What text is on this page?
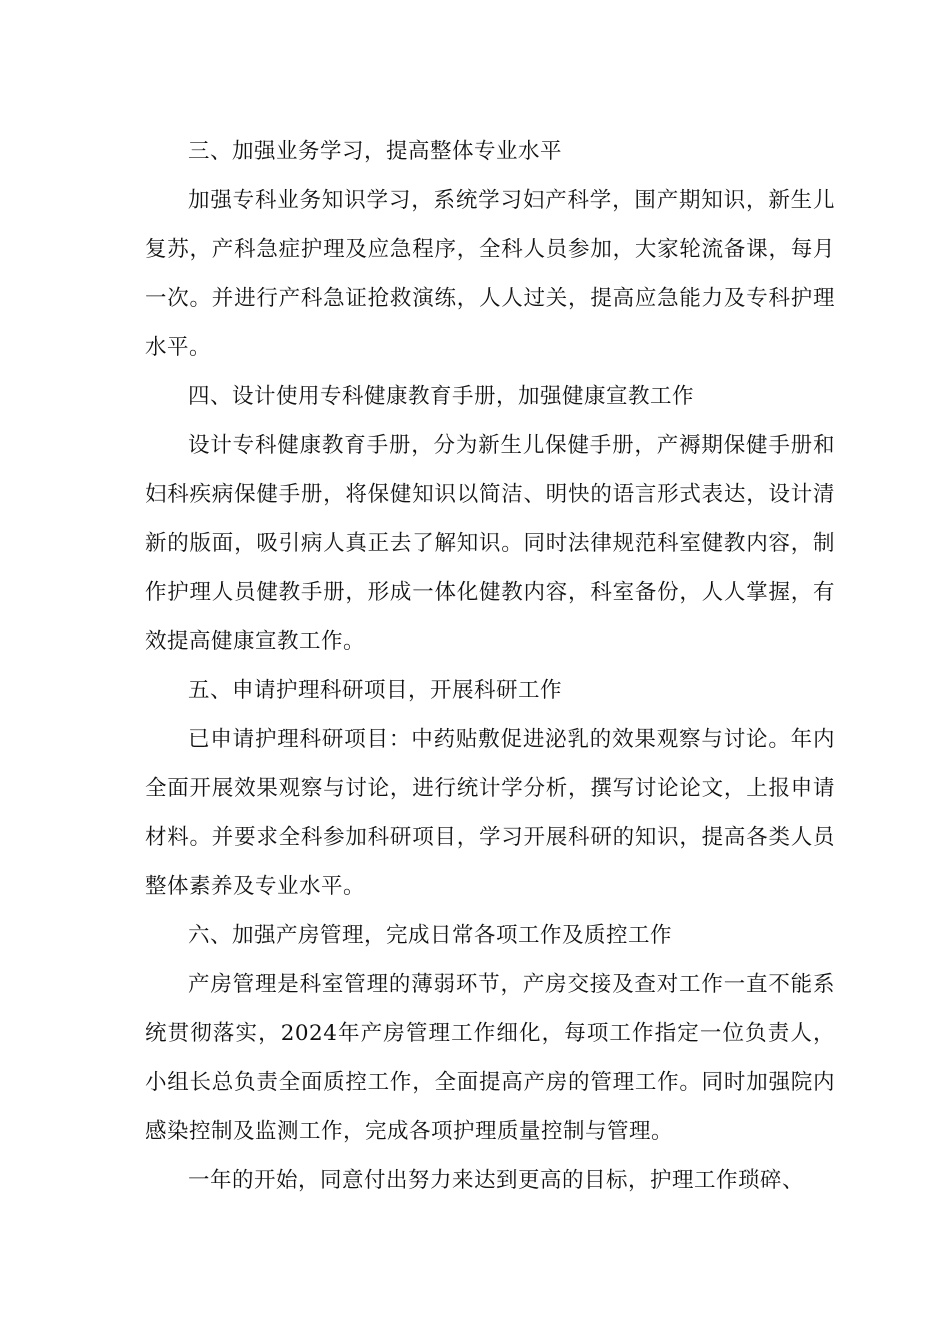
三、加强业务学习，提高整体专业水平

加强专科业务知识学习，系统学习妇产科学，围产期知识，新生儿复苏，产科急症护理及应急程序，全科人员参加，大家轮流备课，每月一次。并进行产科急证抢救演练，人人过关，提高应急能力及专科护理水平。

四、设计使用专科健康教育手册，加强健康宣教工作

设计专科健康教育手册，分为新生儿保健手册，产褥期保健手册和妇科疾病保健手册，将保健知识以简洁、明快的语言形式表达，设计清新的版面，吸引病人真正去了解知识。同时法律规范科室健教内容，制作护理人员健教手册，形成一体化健教内容，科室备份，人人掌握，有效提高健康宣教工作。

五、申请护理科研项目，开展科研工作

已申请护理科研项目：中药贴敷促进泌乳的效果观察与讨论。年内全面开展效果观察与讨论，进行统计学分析，撰写讨论论文，上报申请材料。并要求全科参加科研项目，学习开展科研的知识，提高各类人员整体素养及专业水平。

六、加强产房管理，完成日常各项工作及质控工作

产房管理是科室管理的薄弱环节，产房交接及查对工作一直不能系统贯彻落实，2024年产房管理工作细化，每项工作指定一位负责人，小组长总负责全面质控工作，全面提高产房的管理工作。同时加强院内感染控制及监测工作，完成各项护理质量控制与管理。

一年的开始，同意付出努力来达到更高的目标，护理工作琐碎、
